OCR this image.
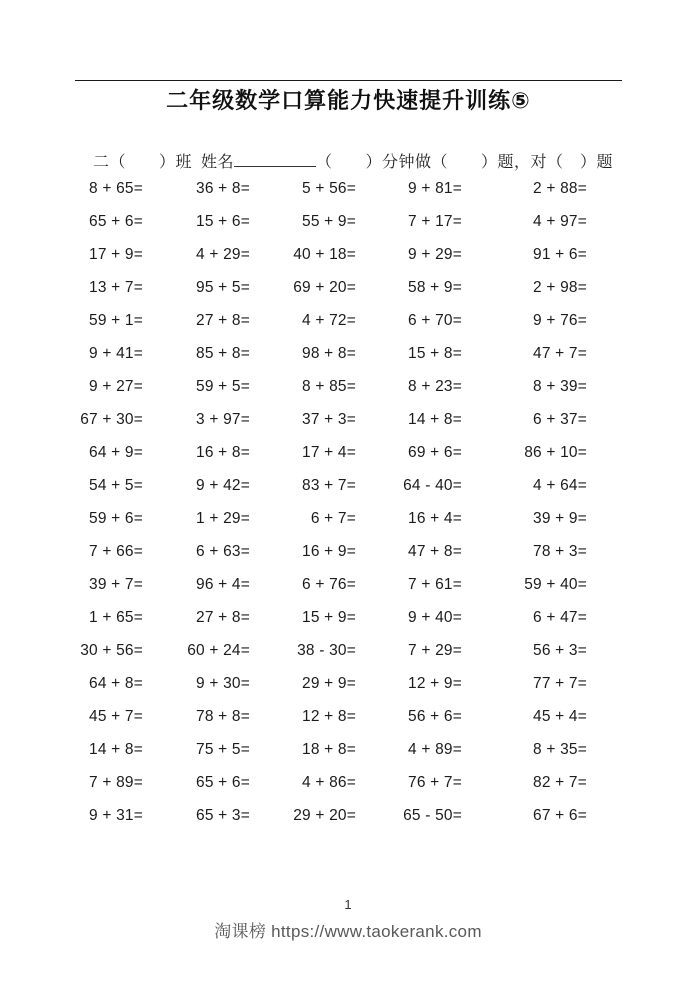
二年级数学口算能力快速提升训练⑤

二（　　）班  姓名	（　　）分钟做（　　）题，对（　）题

8 + 65=	36 + 8=	5 + 56=	9 + 81=	2 + 88=
65 + 6=	15 + 6=	55 + 9=	7 + 17=	4 + 97=
17 + 9=	4 + 29=	40 + 18=	9 + 29=	91 + 6=
13 + 7=	95 + 5=	69 + 20=	58 + 9=	2 + 98=
59 + 1=	27 + 8=	4 + 72=	6 + 70=	9 + 76=
9 + 41=	85 + 8=	98 + 8=	15 + 8=	47 + 7=
9 + 27=	59 + 5=	8 + 85=	8 + 23=	8 + 39=
67 + 30=	3 + 97=	37 + 3=	14 + 8=	6 + 37=
64 + 9=	16 + 8=	17 + 4=	69 + 6=	86 + 10=
54 + 5=	9 + 42=	83 + 7=	64 - 40=	4 + 64=
59 + 6=	1 + 29=	6 + 7=	16 + 4=	39 + 9=
7 + 66=	6 + 63=	16 + 9=	47 + 8=	78 + 3=
39 + 7=	96 + 4=	6 + 76=	7 + 61=	59 + 40=
1 + 65=	27 + 8=	15 + 9=	9 + 40=	6 + 47=
30 + 56=	60 + 24=	38 - 30=	7 + 29=	56 + 3=
64 + 8=	9 + 30=	29 + 9=	12 + 9=	77 + 7=
45 + 7=	78 + 8=	12 + 8=	56 + 6=	45 + 4=
14 + 8=	75 + 5=	18 + 8=	4 + 89=	8 + 35=
7 + 89=	65 + 6=	4 + 86=	76 + 7=	82 + 7=
9 + 31=	65 + 3=	29 + 20=	65 - 50=	67 + 6=
1
淘课榜 https://www.taokerank.com
